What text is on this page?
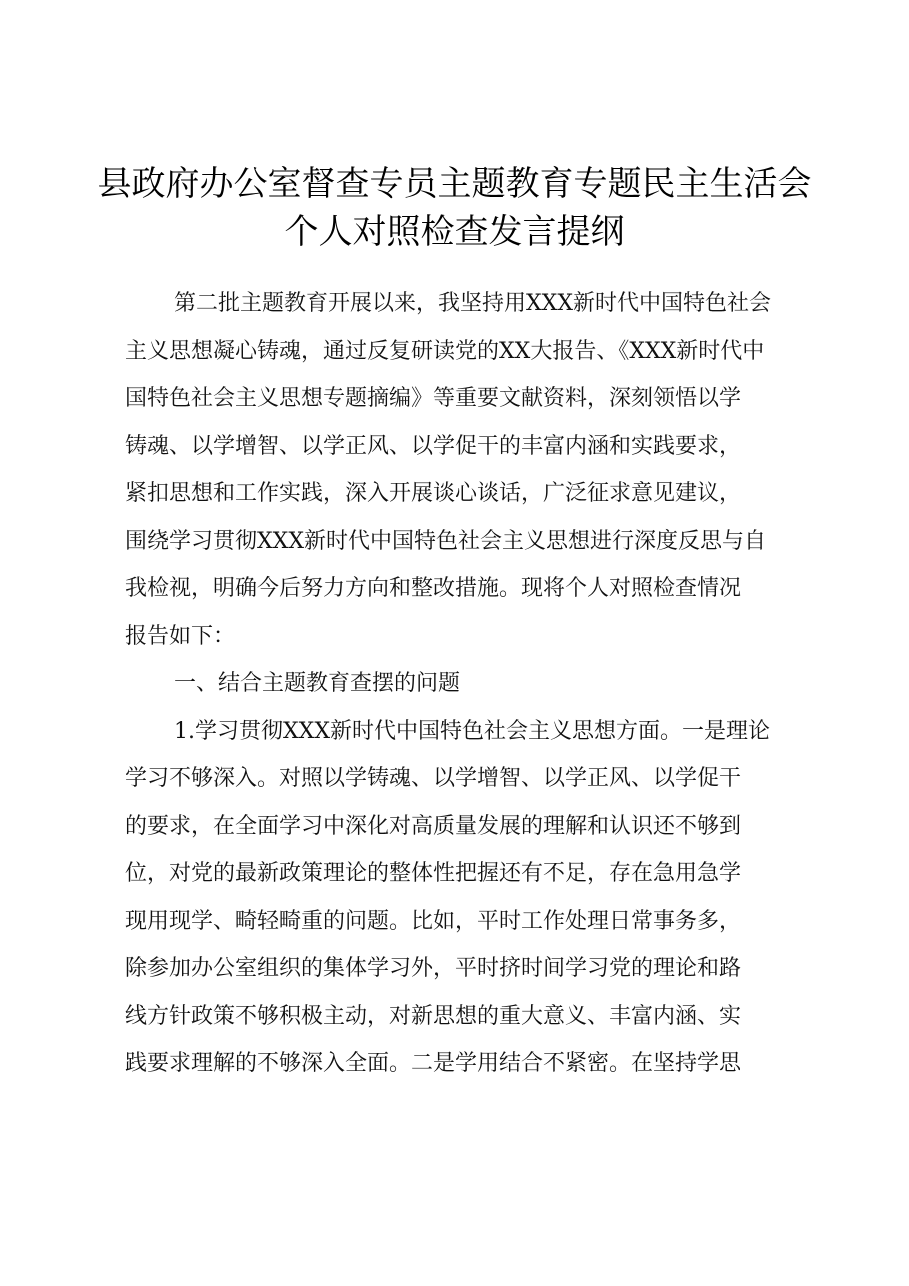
县政府办公室督查专员主题教育专题民主生活会
个人对照检查发言提纲
第二批主题教育开展以来，我坚持用XXX新时代中国特色社会
主义思想凝心铸魂，通过反复研读党的XX大报告、《XXX新时代中
国特色社会主义思想专题摘编》等重要文献资料，深刻领悟以学
铸魂、以学增智、以学正风、以学促干的丰富内涵和实践要求，
紧扣思想和工作实践，深入开展谈心谈话，广泛征求意见建议，
围绕学习贯彻XXX新时代中国特色社会主义思想进行深度反思与自
我检视，明确今后努力方向和整改措施。现将个人对照检查情况
报告如下：
一、结合主题教育查摆的问题
1.学习贯彻XXX新时代中国特色社会主义思想方面。一是理论
学习不够深入。对照以学铸魂、以学增智、以学正风、以学促干
的要求，在全面学习中深化对高质量发展的理解和认识还不够到
位，对党的最新政策理论的整体性把握还有不足，存在急用急学
现用现学、畸轻畸重的问题。比如，平时工作处理日常事务多，
除参加办公室组织的集体学习外，平时挤时间学习党的理论和路
线方针政策不够积极主动，对新思想的重大意义、丰富内涵、实
践要求理解的不够深入全面。二是学用结合不紧密。在坚持学思
